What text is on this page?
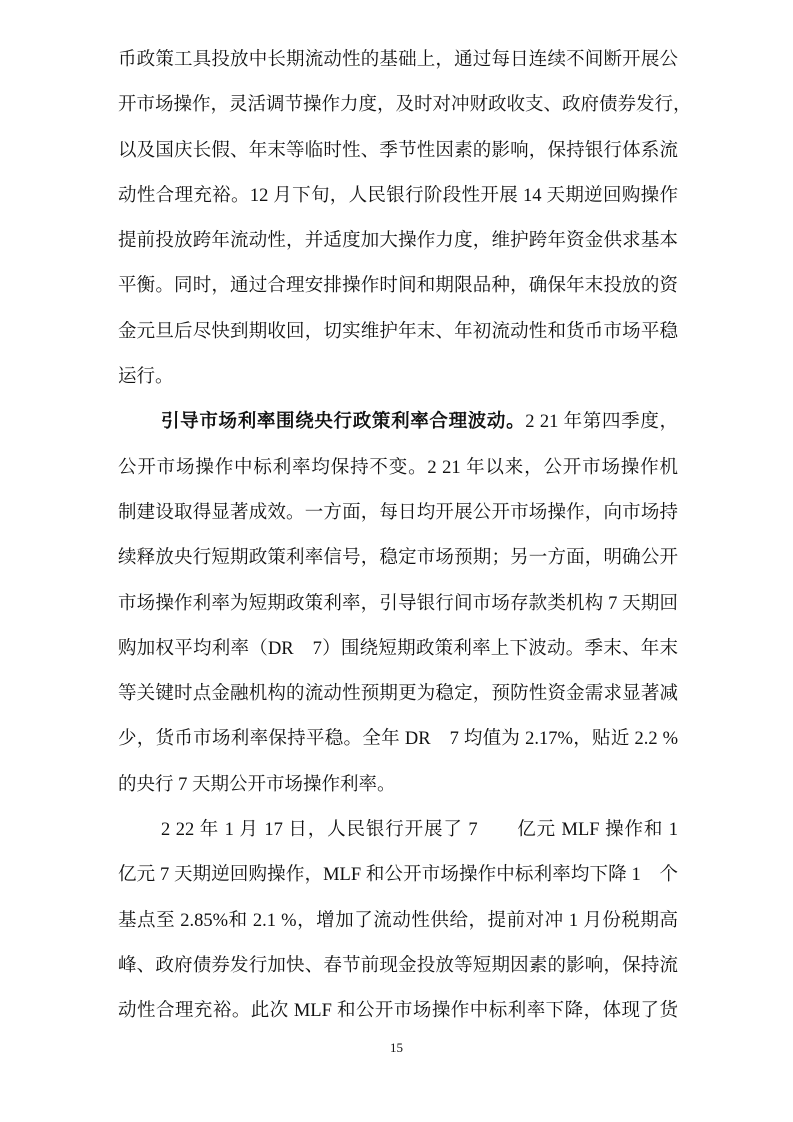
币政策工具投放中长期流动性的基础上，通过每日连续不间断开展公
开市场操作，灵活调节操作力度，及时对冲财政收支、政府债券发行，
以及国庆长假、年末等临时性、季节性因素的影响，保持银行体系流
动性合理充裕。12 月下旬，人民银行阶段性开展 14 天期逆回购操作
提前投放跨年流动性，并适度加大操作力度，维护跨年资金供求基本
平衡。同时，通过合理安排操作时间和期限品种，确保年末投放的资
金元旦后尽快到期收回，切实维护年末、年初流动性和货币市场平稳
运行。
引导市场利率围绕央行政策利率合理波动。2 21 年第四季度，
公开市场操作中标利率均保持不变。2 21 年以来，公开市场操作机
制建设取得显著成效。一方面，每日均开展公开市场操作，向市场持
续释放央行短期政策利率信号，稳定市场预期；另一方面，明确公开
市场操作利率为短期政策利率，引导银行间市场存款类机构 7 天期回
购加权平均利率（DR　7）围绕短期政策利率上下波动。季末、年末
等关键时点金融机构的流动性预期更为稳定，预防性资金需求显著减
少，货币市场利率保持平稳。全年 DR　7 均值为 2.17%，贴近 2.2 %
的央行 7 天期公开市场操作利率。
2 22 年 1 月 17 日，人民银行开展了 7　　亿元 MLF 操作和 1
亿元 7 天期逆回购操作，MLF 和公开市场操作中标利率均下降 1　个
基点至 2.85%和 2.1 %，增加了流动性供给，提前对冲 1 月份税期高
峰、政府债券发行加快、春节前现金投放等短期因素的影响，保持流
动性合理充裕。此次 MLF 和公开市场操作中标利率下降，体现了货
15
